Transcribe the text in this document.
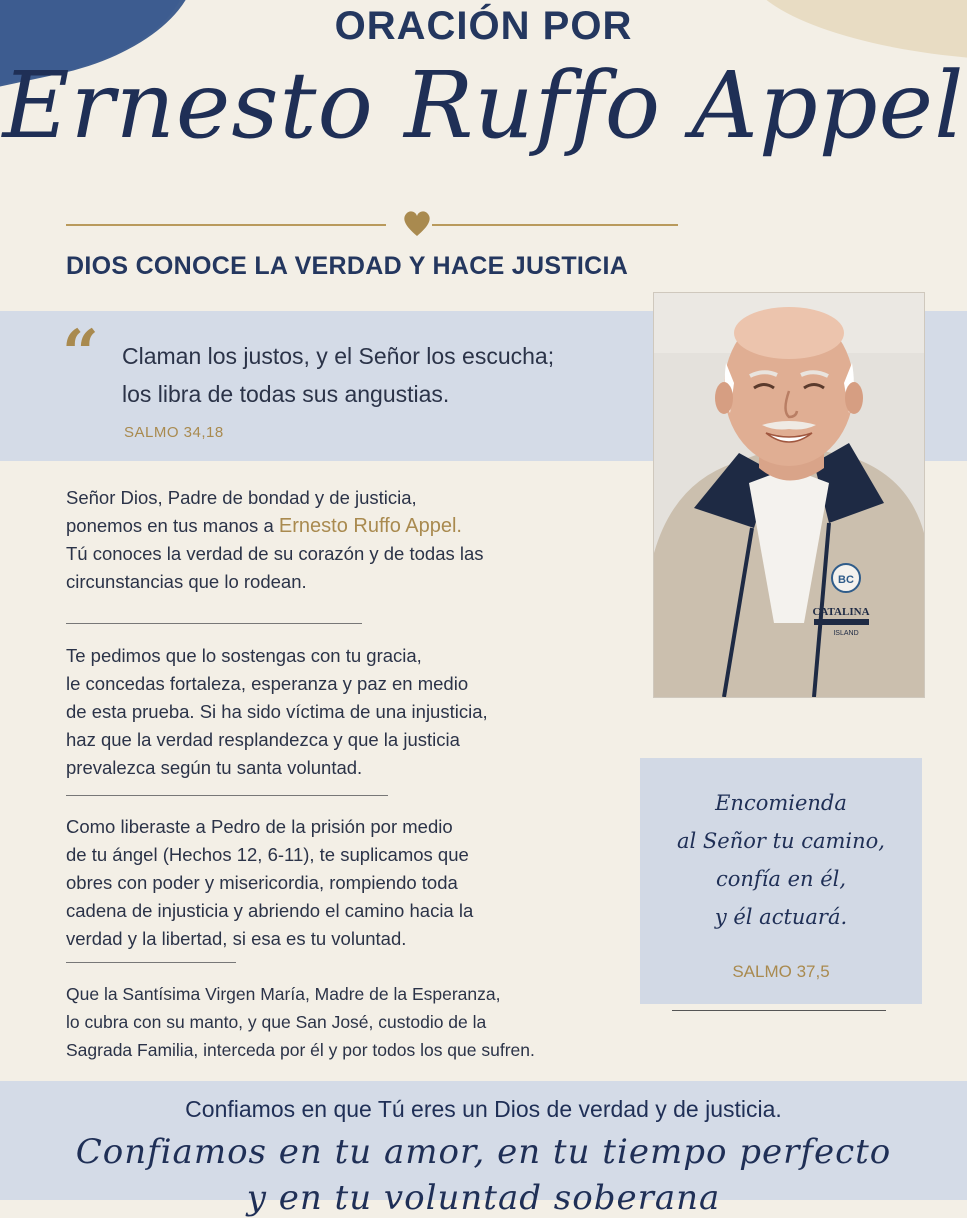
ORACIÓN POR
Ernesto Ruffo Appel
DIOS CONOCE LA VERDAD Y HACE JUSTICIA
“ Claman los justos, y el Señor los escucha;
los libra de todas sus angustias.
SALMO 34,18
BC
CATALINA
ISLAND
Señor Dios, Padre de bondad y de justicia,
ponemos en tus manos a Ernesto Ruffo Appel.
Tú conoces la verdad de su corazón y de todas las
circunstancias que lo rodean.
Te pedimos que lo sostengas con tu gracia,
le concedas fortaleza, esperanza y paz en medio
de esta prueba. Si ha sido víctima de una injusticia,
haz que la verdad resplandezca y que la justicia
prevalezca según tu santa voluntad.
Como liberaste a Pedro de la prisión por medio
de tu ángel (Hechos 12, 6-11), te suplicamos que
obres con poder y misericordia, rompiendo toda
cadena de injusticia y abriendo el camino hacia la
verdad y la libertad, si esa es tu voluntad.
Que la Santísima Virgen María, Madre de la Esperanza,
lo cubra con su manto, y que San José, custodio de la
Sagrada Familia, interceda por él y por todos los que sufren.
Encomienda
al Señor tu camino,
confía en él,
y él actuará.
SALMO 37,5
Confiamos en que Tú eres un Dios de verdad y de justicia.
Confiamos en tu amor, en tu tiempo perfecto
y en tu voluntad soberana
